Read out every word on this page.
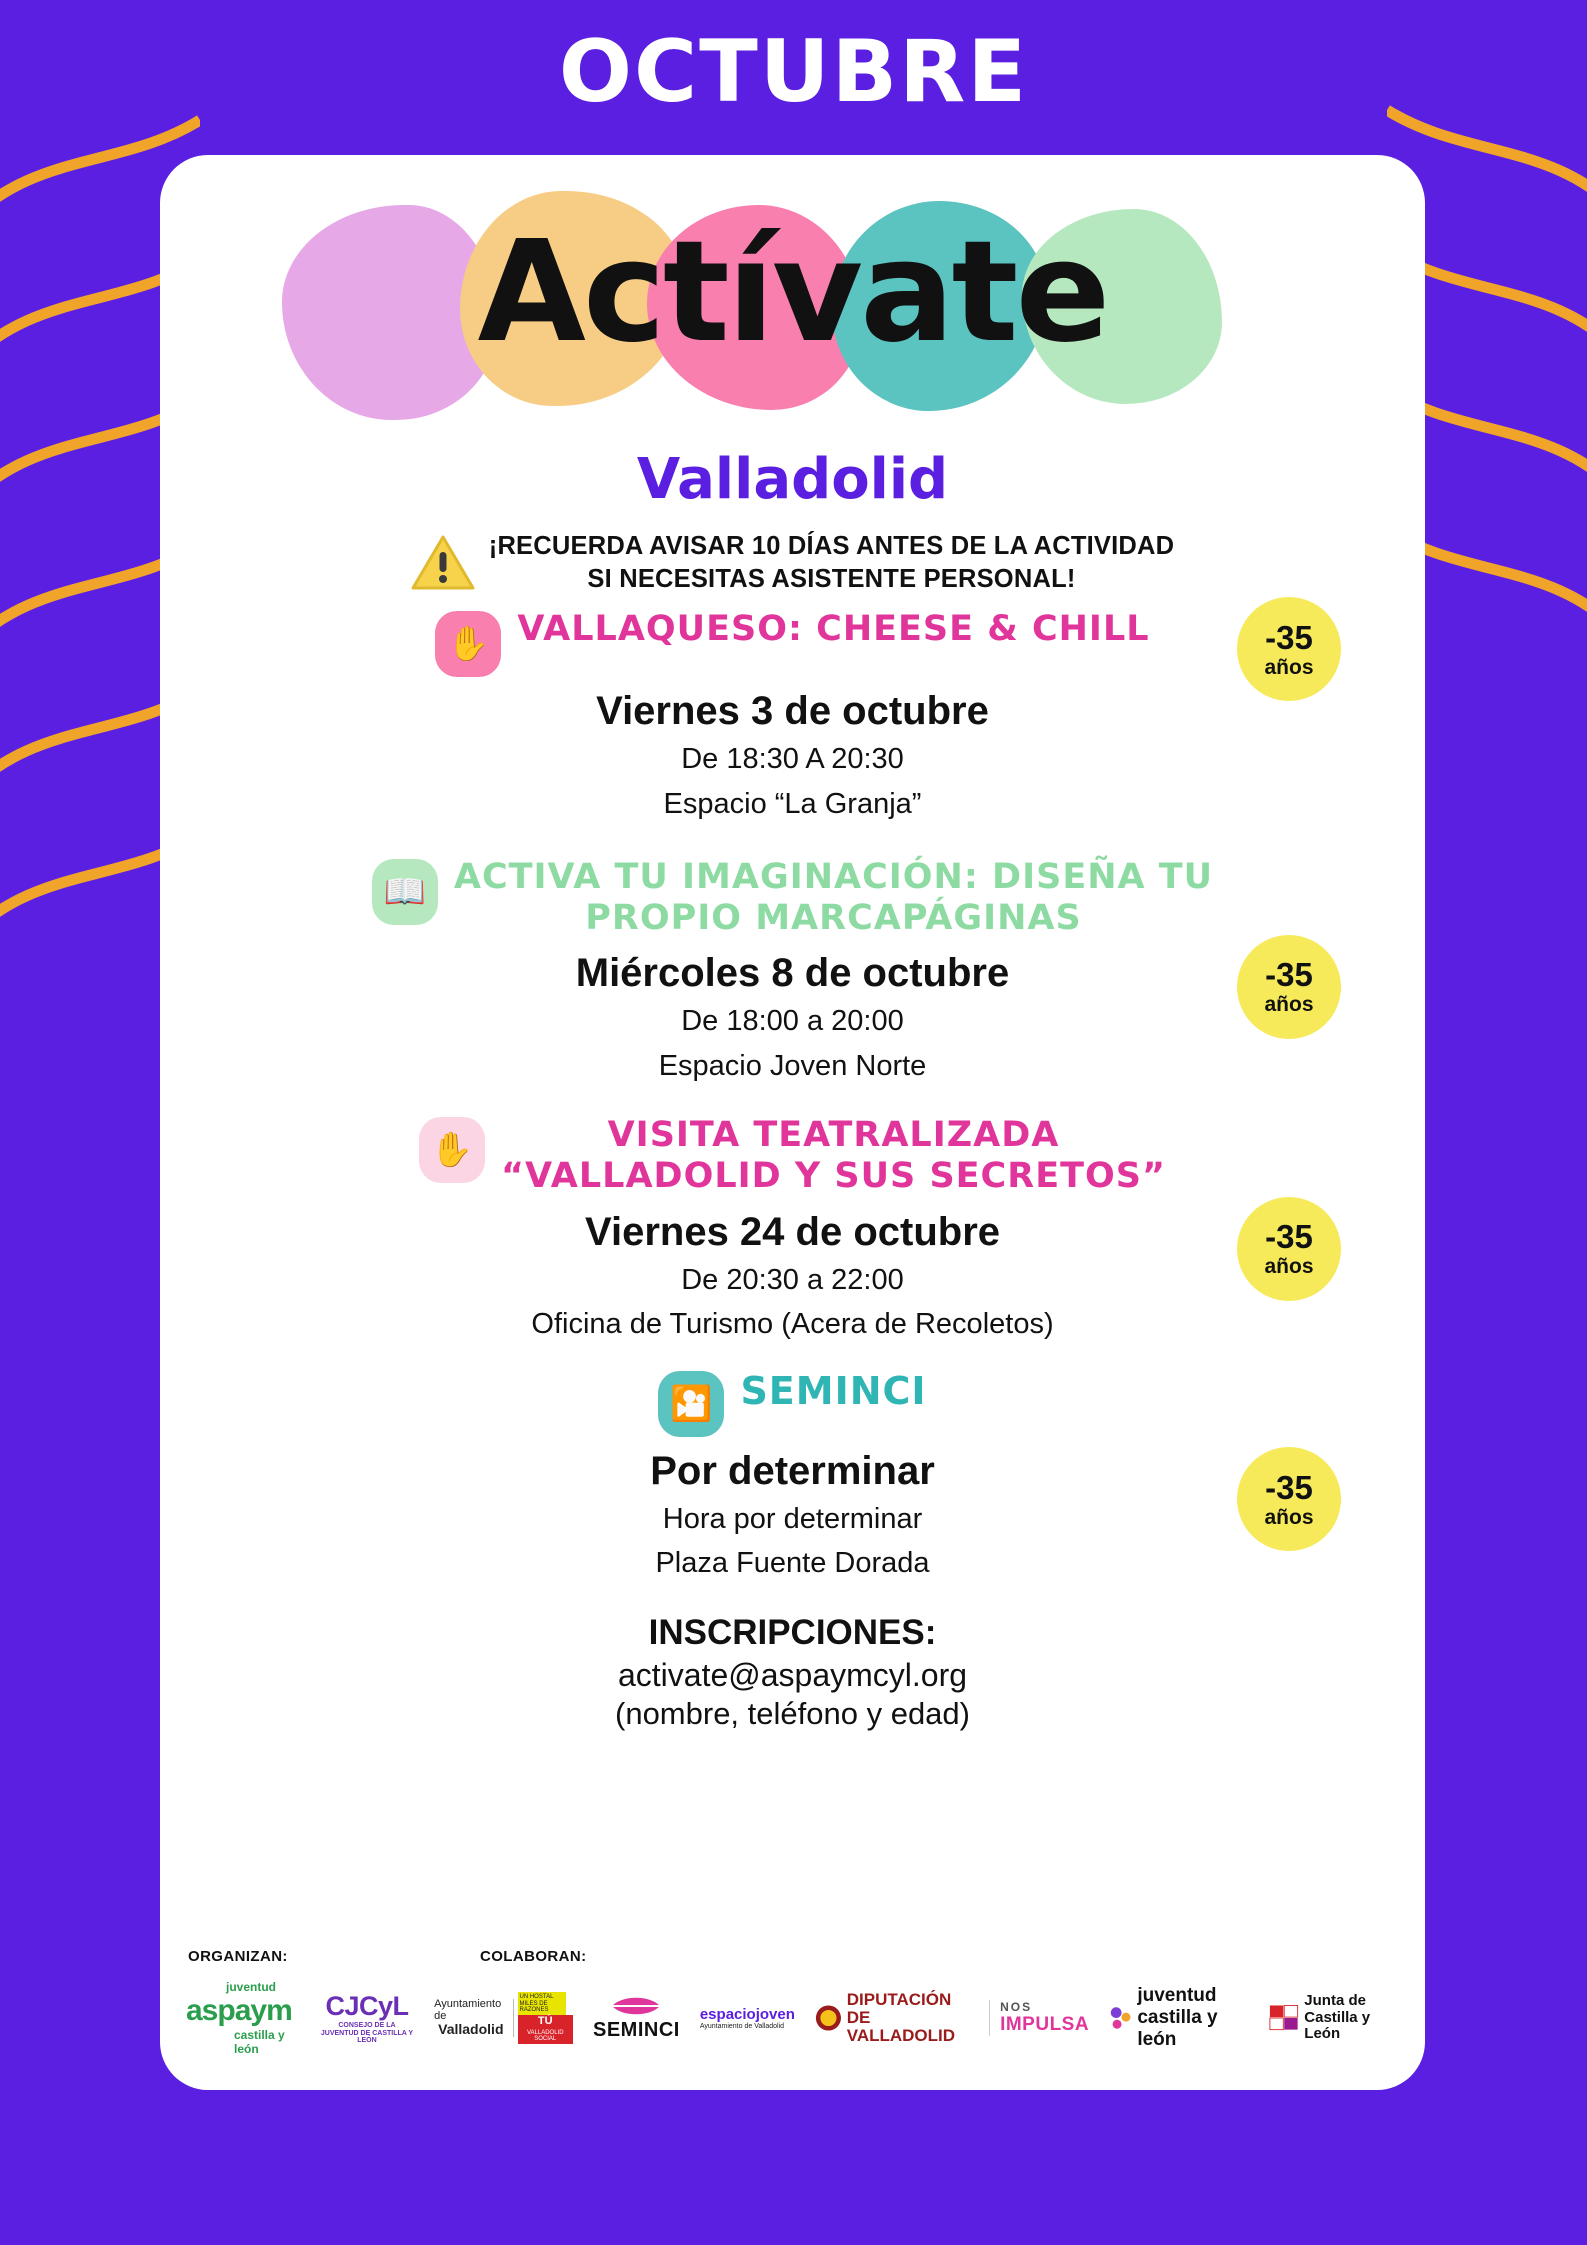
OCTUBRE
Actívate
Valladolid
¡RECUERDA AVISAR 10 DÍAS ANTES DE LA ACTIVIDAD
SI NECESITAS ASISTENTE PERSONAL!
✋ VALLAQUESO: CHEESE & CHILL
Viernes 3 de octubre
De 18:30 A 20:30
Espacio “La Granja”
-35
años
📖 ACTIVA TU IMAGINACIÓN: DISEÑA TU
PROPIO MARCAPÁGINAS
Miércoles 8 de octubre
De 18:00 a 20:00
Espacio Joven Norte
-35
años
✋	VISITA TEATRALIZADA
“VALLADOLID Y SUS SECRETOS”
Viernes 24 de octubre
De 20:30 a 22:00
Oficina de Turismo (Acera de Recoletos)
-35
años
🎦 SEMINCI
Por determinar
Hora por determinar
Plaza Fuente Dorada
-35
años
INSCRIPCIONES:
activate@aspaymcyl.org
(nombre, teléfono y edad)
ORGANIZAN:	COLABORAN:
juventud
aspaym
castilla y león
CJCyL
CONSEJO DE LA JUVENTUD DE CASTILLA Y LEÓN
Ayuntamiento de
Valladolid
UN HOSTAL MILES DE RAZONES
TÚ
VALLADOLID SOCIAL	SEMINCI
espaciojoven
Ayuntamiento de Valladolid
DIPUTACIÓN
DE VALLADOLID
NOS
IMPULSA
juventud
castilla y león
Junta de
Castilla y León
